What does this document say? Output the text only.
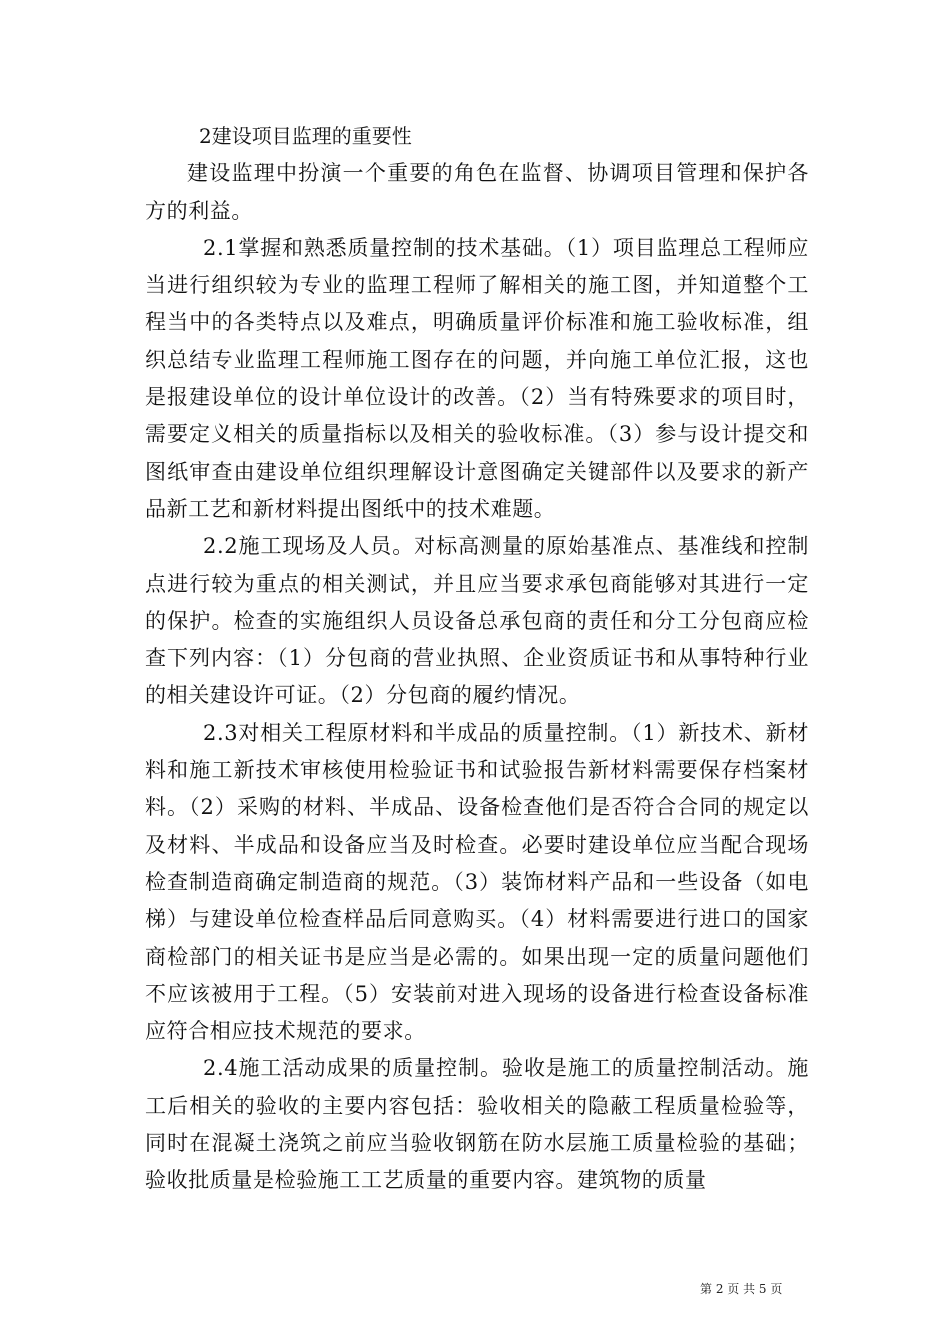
2建设项目监理的重要性

建设监理中扮演一个重要的角色在监督、协调项目管理和保护各方的利益。

2.1掌握和熟悉质量控制的技术基础。（1）项目监理总工程师应当进行组织较为专业的监理工程师了解相关的施工图，并知道整个工程当中的各类特点以及难点，明确质量评价标准和施工验收标准，组织总结专业监理工程师施工图存在的问题，并向施工单位汇报，这也是报建设单位的设计单位设计的改善。（2）当有特殊要求的项目时，需要定义相关的质量指标以及相关的验收标准。（3）参与设计提交和图纸审查由建设单位组织理解设计意图确定关键部件以及要求的新产品新工艺和新材料提出图纸中的技术难题。

2.2施工现场及人员。对标高测量的原始基准点、基准线和控制点进行较为重点的相关测试，并且应当要求承包商能够对其进行一定的保护。检查的实施组织人员设备总承包商的责任和分工分包商应检查下列内容：（1）分包商的营业执照、企业资质证书和从事特种行业的相关建设许可证。（2）分包商的履约情况。

2.3对相关工程原材料和半成品的质量控制。（1）新技术、新材料和施工新技术审核使用检验证书和试验报告新材料需要保存档案材料。（2）采购的材料、半成品、设备检查他们是否符合合同的规定以及材料、半成品和设备应当及时检查。必要时建设单位应当配合现场检查制造商确定制造商的规范。（3）装饰材料产品和一些设备（如电梯）与建设单位检查样品后同意购买。（4）材料需要进行进口的国家商检部门的相关证书是应当是必需的。如果出现一定的质量问题他们不应该被用于工程。（5）安装前对进入现场的设备进行检查设备标准应符合相应技术规范的要求。

2.4施工活动成果的质量控制。验收是施工的质量控制活动。施工后相关的验收的主要内容包括：验收相关的隐蔽工程质量检验等，同时在混凝土浇筑之前应当验收钢筋在防水层施工质量检验的基础；验收批质量是检验施工工艺质量的重要内容。建筑物的质量

第 2 页 共 5 页
